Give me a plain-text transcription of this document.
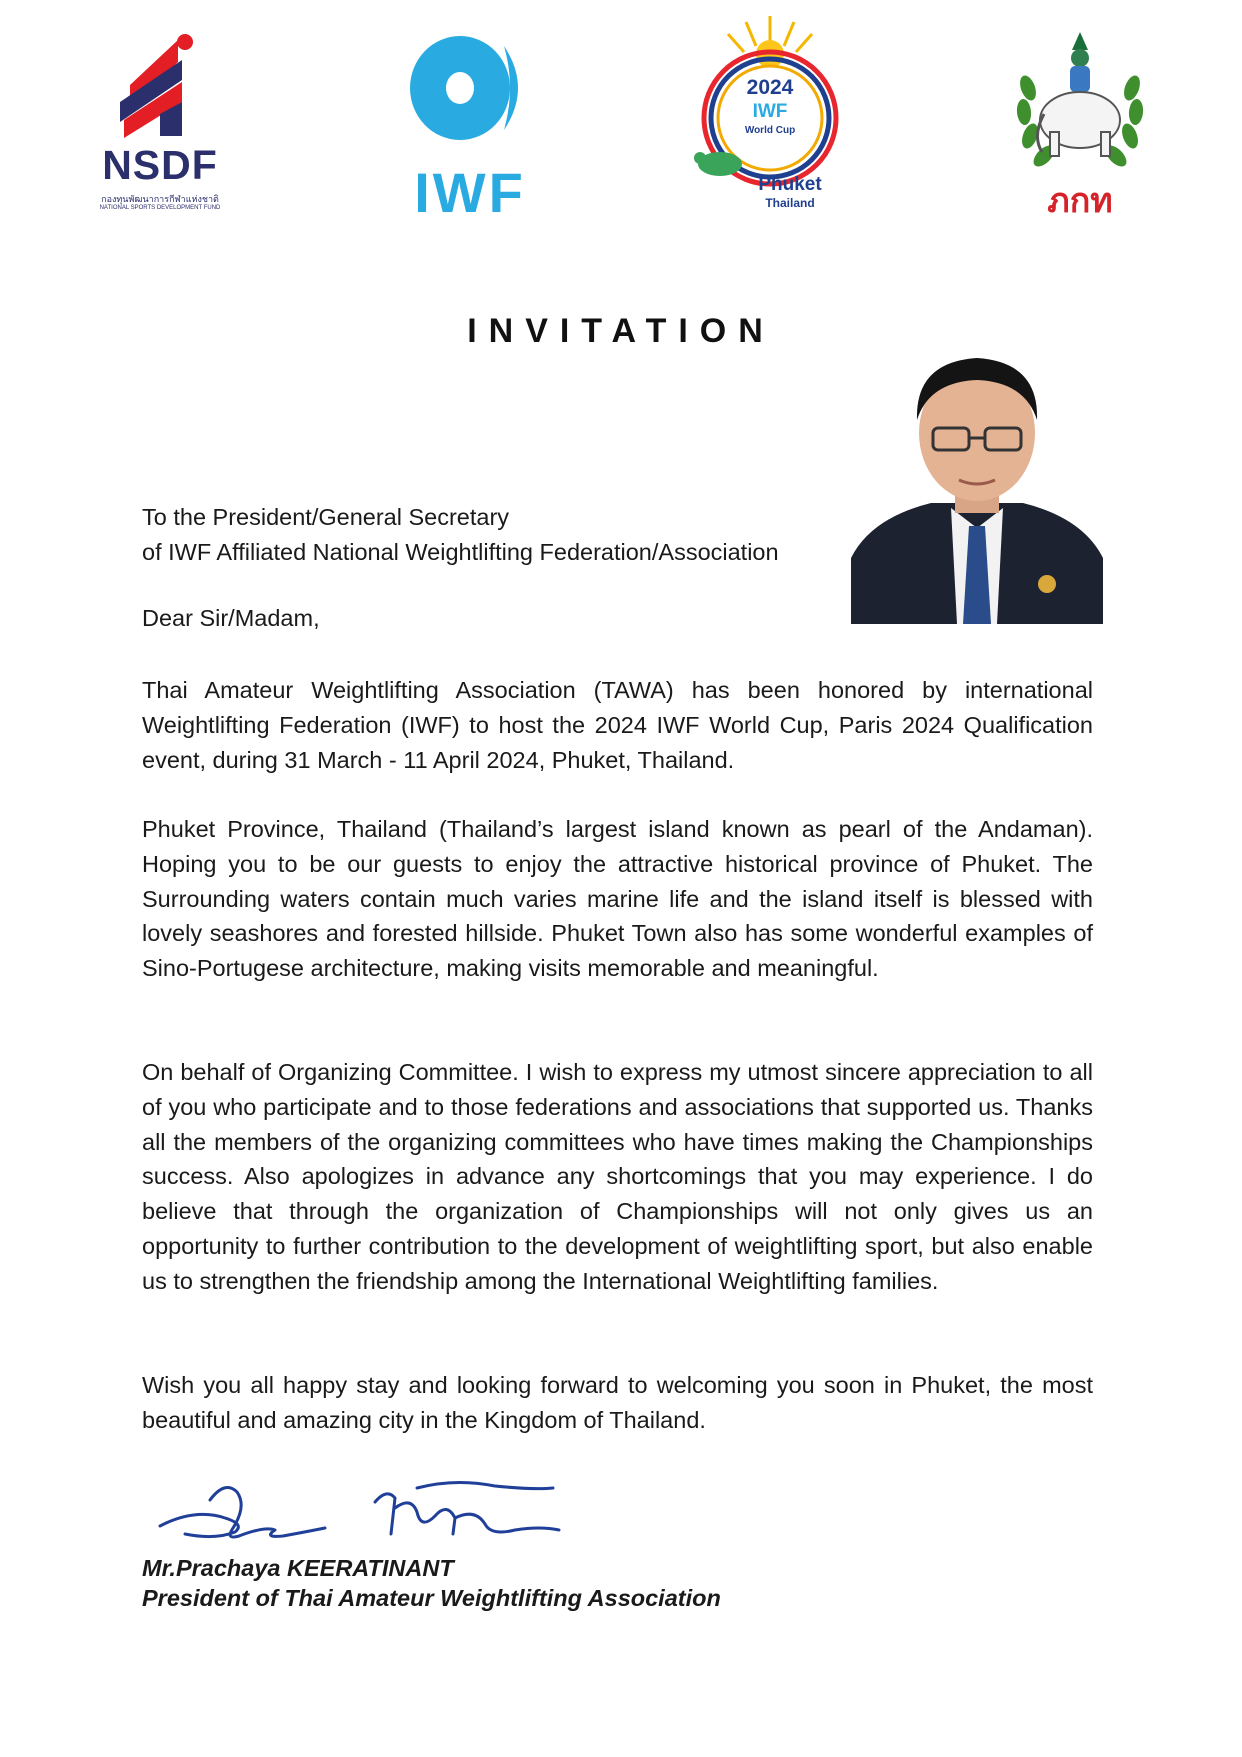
NSDF
กองทุนพัฒนาการกีฬาแห่งชาติ
NATIONAL SPORTS DEVELOPMENT FUND	IWF
2024
IWF
World Cup
Phuket
Thailand	ภกท
INVITATION
To the President/General Secretary
of IWF Affiliated National Weightlifting Federation/Association
Dear Sir/Madam,

Thai Amateur Weightlifting Association (TAWA) has been honored by international Weightlifting Federation (IWF) to host the 2024 IWF World Cup, Paris 2024 Qualification event, during 31 March - 11 April 2024, Phuket, Thailand.

Phuket Province, Thailand (Thailand’s largest island known as pearl of the Andaman). Hoping you to be our guests to enjoy the attractive historical province of Phuket. The Surrounding waters contain much varies marine life and the island itself is blessed with lovely seashores and forested hillside. Phuket Town also has some wonderful examples of Sino-Portugese architecture, making visits memorable and meaningful.

On behalf of Organizing Committee. I wish to express my utmost sincere appreciation to all of you who participate and to those federations and associations that supported us. Thanks all the members of the organizing committees who have times making the Championships success. Also apologizes in advance any shortcomings that you may experience. I do believe that through the organization of Championships will not only gives us an opportunity to further contribution to the development of weightlifting sport, but also enable us to strengthen the friendship among the International Weightlifting families.

Wish you all happy stay and looking forward to welcoming you soon in Phuket, the most beautiful and amazing city in the Kingdom of Thailand.

Mr.Prachaya KEERATINANT
President of Thai Amateur Weightlifting Association
